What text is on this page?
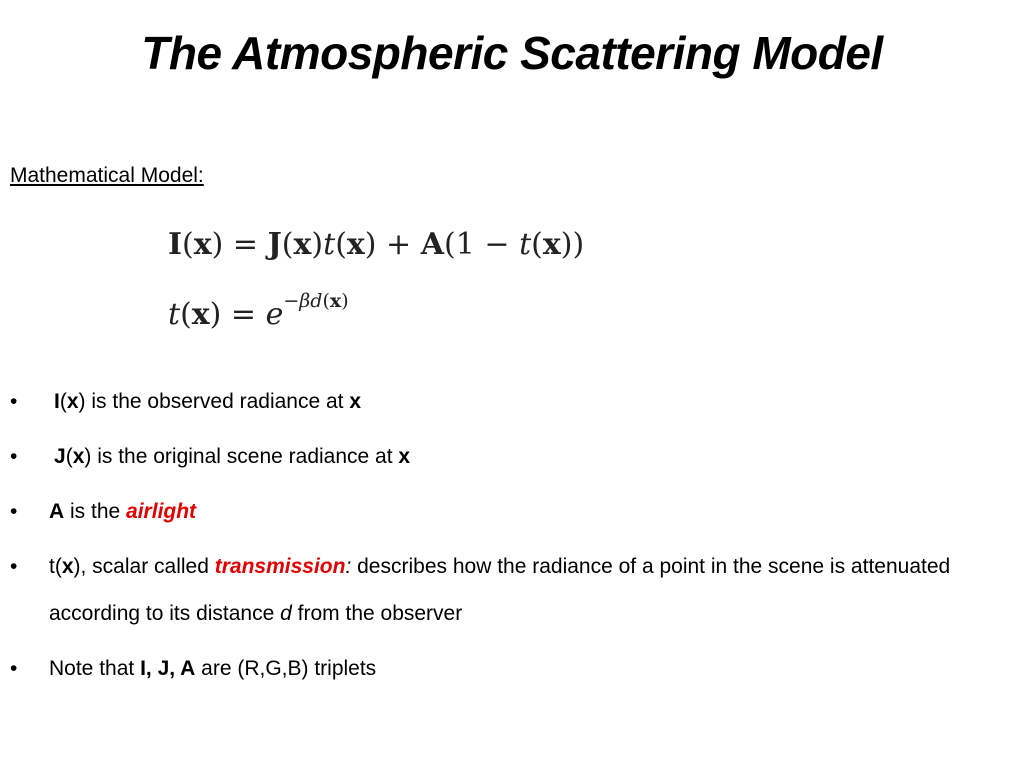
The Atmospheric Scattering Model

Mathematical Model:

I(x) = J(x)t(x) + A(1 − t(x))
$t(x) = e^{-\beta d(x)}$
• I(x) is the observed radiance at x
• J(x) is the original scene radiance at x
• A is the airlight
• t(x), scalar called transmission: describes how the radiance of a point in the scene is attenuated according to its distance d from the observer
• Note that I, J, A are (R,G,B) triplets
